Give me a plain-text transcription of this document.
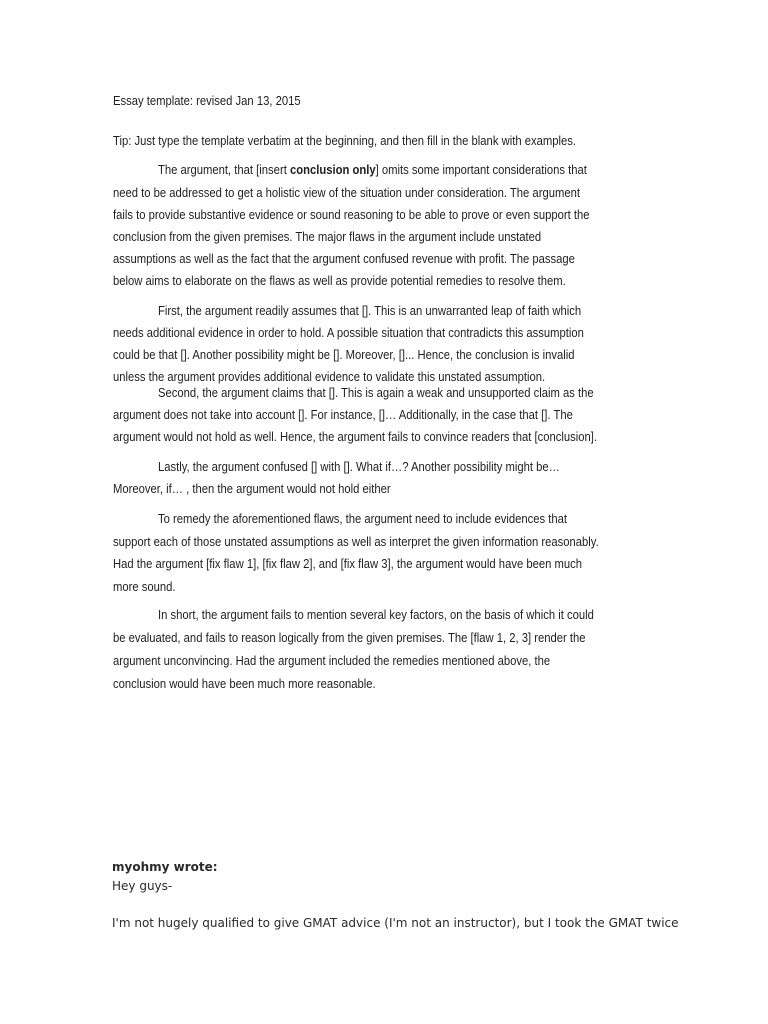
Essay template: revised Jan 13, 2015
Tip: Just type the template verbatim at the beginning, and then fill in the blank with examples.
The argument, that [insert conclusion only] omits some important considerations that
need to be addressed to get a holistic view of the situation under consideration. The argument
fails to provide substantive evidence or sound reasoning to be able to prove or even support the
conclusion from the given premises. The major flaws in the argument include unstated
assumptions as well as the fact that the argument confused revenue with profit. The passage
below aims to elaborate on the flaws as well as provide potential remedies to resolve them.
First, the argument readily assumes that []. This is an unwarranted leap of faith which
needs additional evidence in order to hold. A possible situation that contradicts this assumption
could be that []. Another possibility might be []. Moreover, []... Hence, the conclusion is invalid
unless the argument provides additional evidence to validate this unstated assumption.
Second, the argument claims that []. This is again a weak and unsupported claim as the
argument does not take into account []. For instance, []… Additionally, in the case that []. The
argument would not hold as well. Hence, the argument fails to convince readers that [conclusion].
Lastly, the argument confused [] with []. What if…? Another possibility might be…
Moreover, if… , then the argument would not hold either
To remedy the aforementioned flaws, the argument need to include evidences that
support each of those unstated assumptions as well as interpret the given information reasonably.
Had the argument [fix flaw 1], [fix flaw 2], and [fix flaw 3], the argument would have been much
more sound.
In short, the argument fails to mention several key factors, on the basis of which it could
be evaluated, and fails to reason logically from the given premises. The [flaw 1, 2, 3] render the
argument unconvincing. Had the argument included the remedies mentioned above, the
conclusion would have been much more reasonable.
myohmy wrote:
Hey guys-
I'm not hugely qualified to give GMAT advice (I'm not an instructor), but I took the GMAT twice
